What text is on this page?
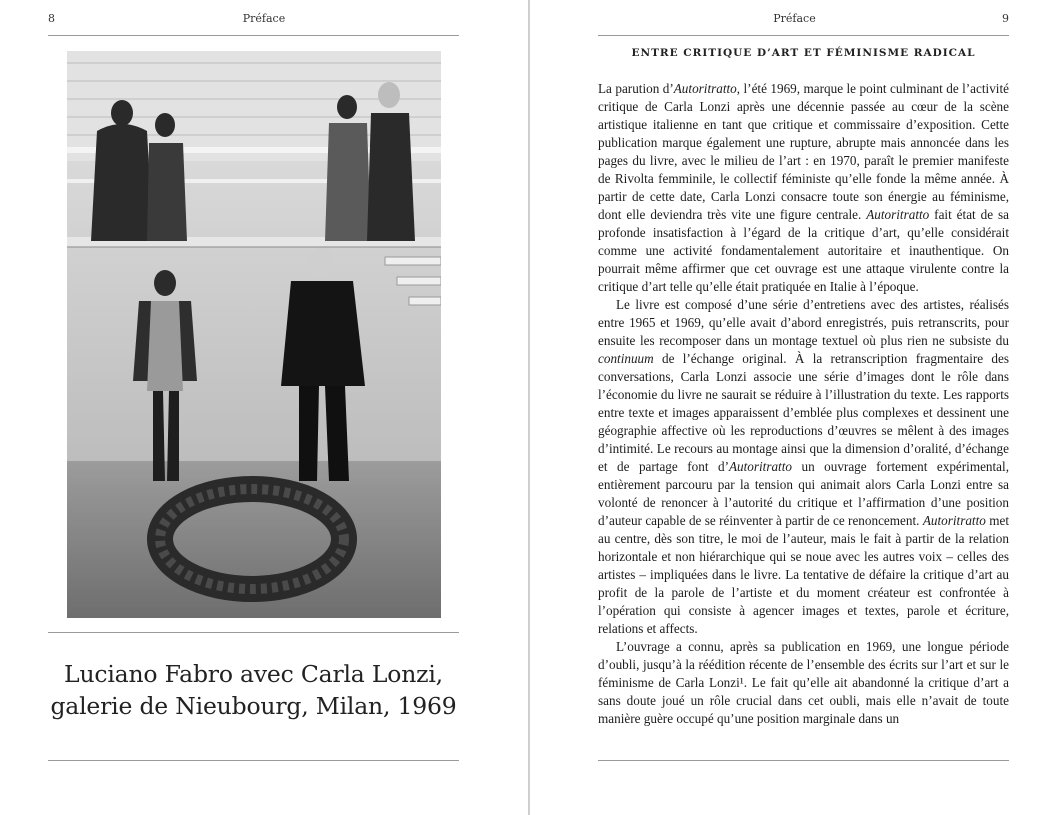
8	Préface
Luciano Fabro avec Carla Lonzi,
galerie de Nieubourg, Milan, 1969
Préface	9
ENTRE CRITIQUE D’ART ET FÉMINISME RADICAL

La parution d’Autoritratto, l’été 1969, marque le point culminant de l’activité critique de Carla Lonzi après une décennie passée au cœur de la scène artistique italienne en tant que critique et commissaire d’exposition. Cette publication marque également une rupture, abrupte mais annoncée dans les pages du livre, avec le milieu de l’art : en 1970, paraît le premier manifeste de Rivolta femminile, le collectif féministe qu’elle fonde la même année. À partir de cette date, Carla Lonzi consacre toute son énergie au féminisme, dont elle deviendra très vite une figure centrale. Autoritratto fait état de sa profonde insatisfaction à l’égard de la critique d’art, qu’elle considérait comme une activité fondamentalement autoritaire et inauthentique. On pourrait même affirmer que cet ouvrage est une attaque virulente contre la critique d’art telle qu’elle était pratiquée en Italie à l’époque.

Le livre est composé d’une série d’entretiens avec des artistes, réalisés entre 1965 et 1969, qu’elle avait d’abord enregistrés, puis retranscrits, pour ensuite les recomposer dans un montage textuel où plus rien ne subsiste du continuum de l’échange original. À la retranscription fragmentaire des conversations, Carla Lonzi associe une série d’images dont le rôle dans l’économie du livre ne saurait se réduire à l’illustration du texte. Les rapports entre texte et images apparaissent d’emblée plus complexes et dessinent une géographie affective où les reproductions d’œuvres se mêlent à des images d’intimité. Le recours au montage ainsi que la dimension d’oralité, d’échange et de partage font d’Autoritratto un ouvrage fortement expérimental, entièrement parcouru par la tension qui animait alors Carla Lonzi entre sa volonté de renoncer à l’autorité du critique et l’affirmation d’une position d’auteur capable de se réinventer à partir de ce renoncement. Autoritratto met au centre, dès son titre, le moi de l’auteur, mais le fait à partir de la relation horizontale et non hiérarchique qui se noue avec les autres voix – celles des artistes – impliquées dans le livre. La tentative de défaire la critique d’art au profit de la parole de l’artiste et du moment créateur est confrontée à l’opération qui consiste à agencer images et textes, parole et écriture, relations et affects.

L’ouvrage a connu, après sa publication en 1969, une longue période d’oubli, jusqu’à la réédition récente de l’ensemble des écrits sur l’art et sur le féminisme de Carla Lonzi¹. Le fait qu’elle ait abandonné la critique d’art a sans doute joué un rôle crucial dans cet oubli, mais elle n’avait de toute manière guère occupé qu’une position marginale dans un
